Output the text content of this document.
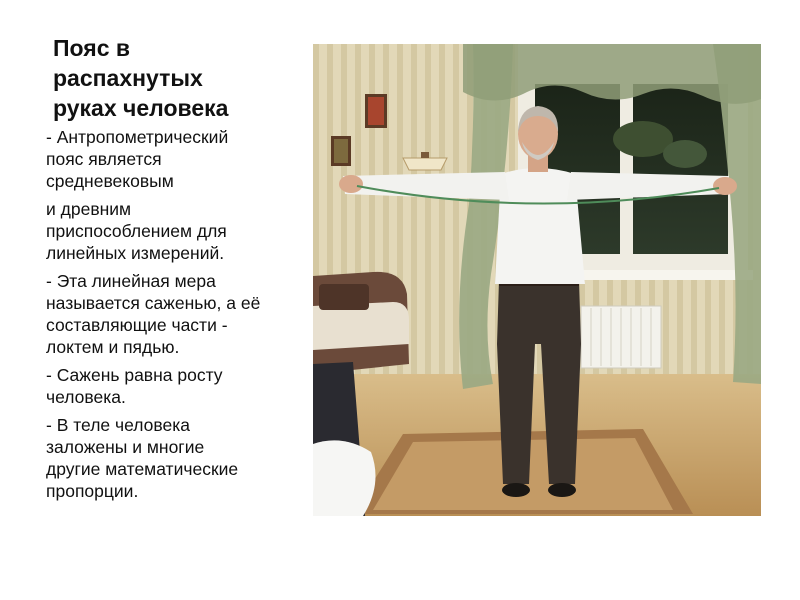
Пояс в
распахнутых
руках человека

- Антропометрический
пояс является
средневековым

и древним
приспособлением для
линейных измерений.

- Эта линейная мера
называется саженью, а её
составляющие части -
локтем и пядью.

- Сажень равна росту
человека.

- В теле человека
заложены и многие
другие математические
пропорции.
